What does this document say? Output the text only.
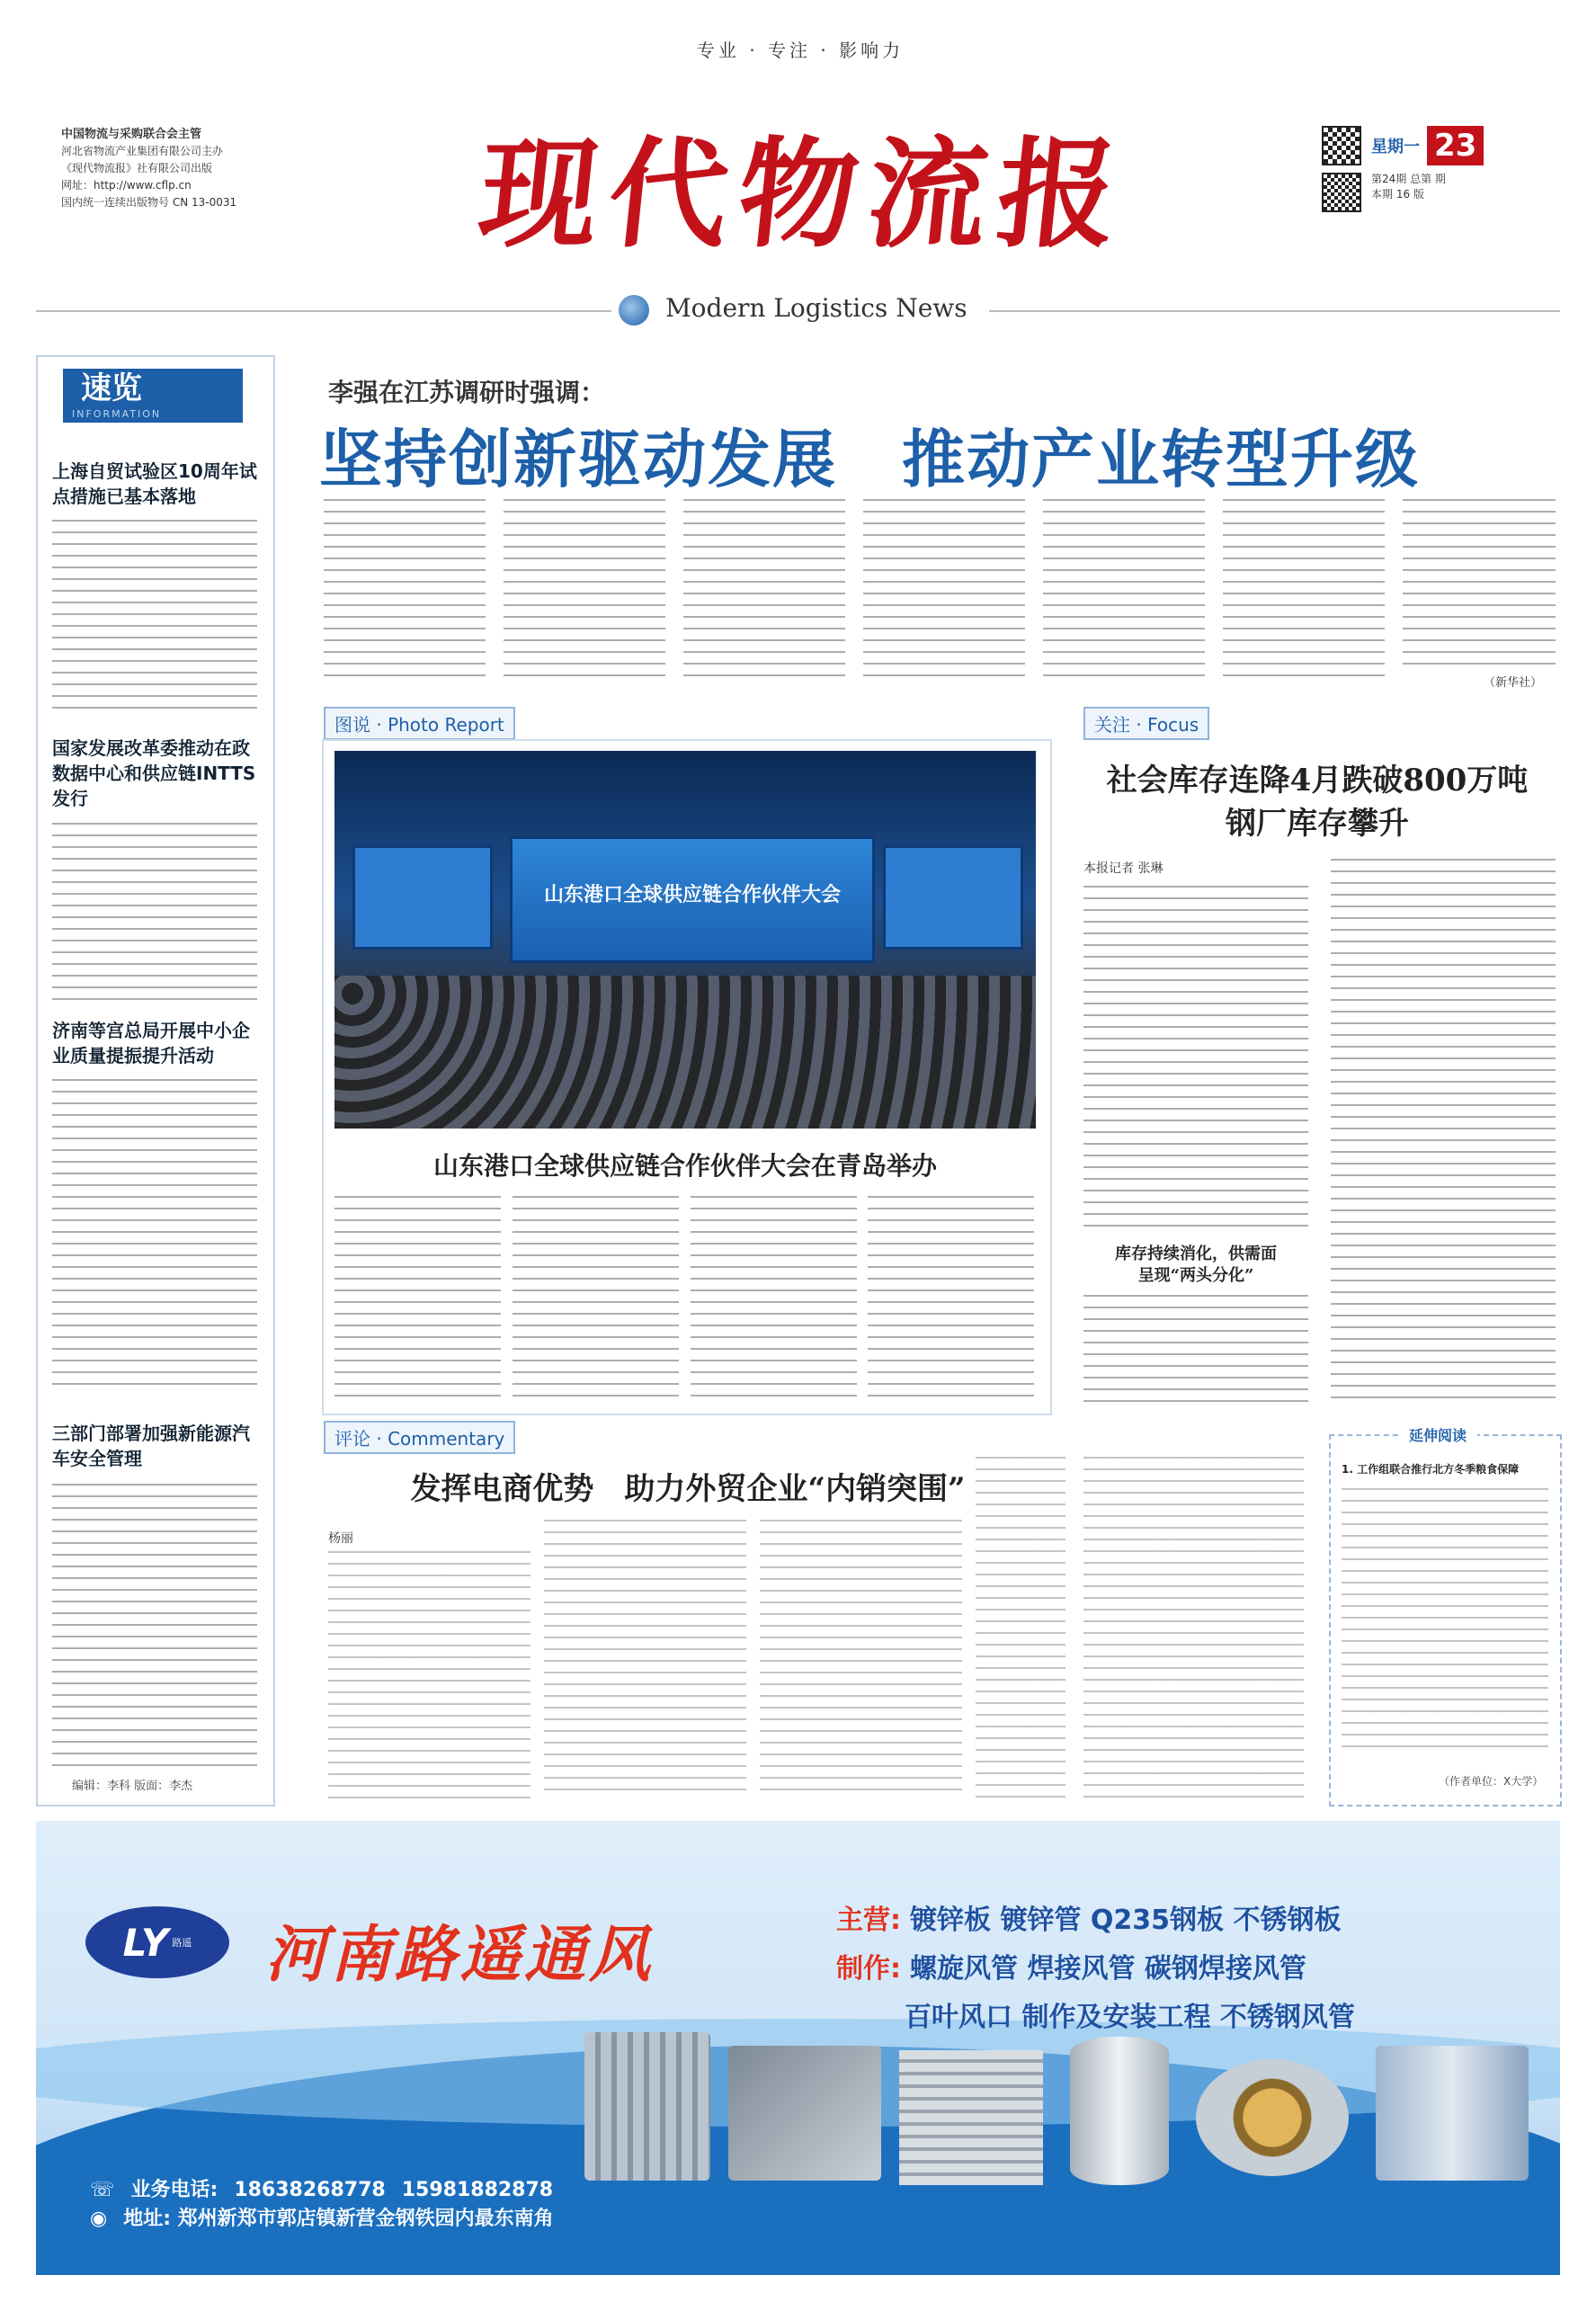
专业 · 专注 · 影响力
中国物流与采购联合会主管
河北省物流产业集团有限公司主办
《现代物流报》社有限公司出版
网址：http://www.cflp.cn
国内统一连续出版物号 CN 13-0031	现代物流报	星期一 23
第24期 总第 期
本期 16 版
Modern Logistics News
速览
INFORMATION
上海自贸试验区10周年试点措施已基本落地
国家发展改革委推动在政数据中心和供应链INTTS发行
济南等宫总局开展中小企业质量提振提升活动
三部门部署加强新能源汽车安全管理
编辑：李科 版面：李杰
李强在江苏调研时强调：
坚持创新驱动发展　推动产业转型升级
（新华社）
图说 · Photo Report
山东港口全球供应链合作伙伴大会
山东港口全球供应链合作伙伴大会在青岛举办
关注 · Focus
社会库存连降4月跌破800万吨
钢厂库存攀升
本报记者 张琳
库存持续消化，供需面
呈现“两头分化”
评论 · Commentary
发挥电商优势　助力外贸企业“内销突围”
杨丽
延伸阅读
1. 工作组联合推行北方冬季粮食保障
（作者单位：X大学）
LY 路遥 河南路遥通风	主营: 镀锌板 镀锌管 Q235钢板 不锈钢板
制作: 螺旋风管 焊接风管 碳钢焊接风管
百叶风口 制作及安装工程 不锈钢风管
☏ 业务电话: 18638268778 15981882878
◉ 地址: 郑州新郑市郭店镇新营金钢铁园内最东南角
